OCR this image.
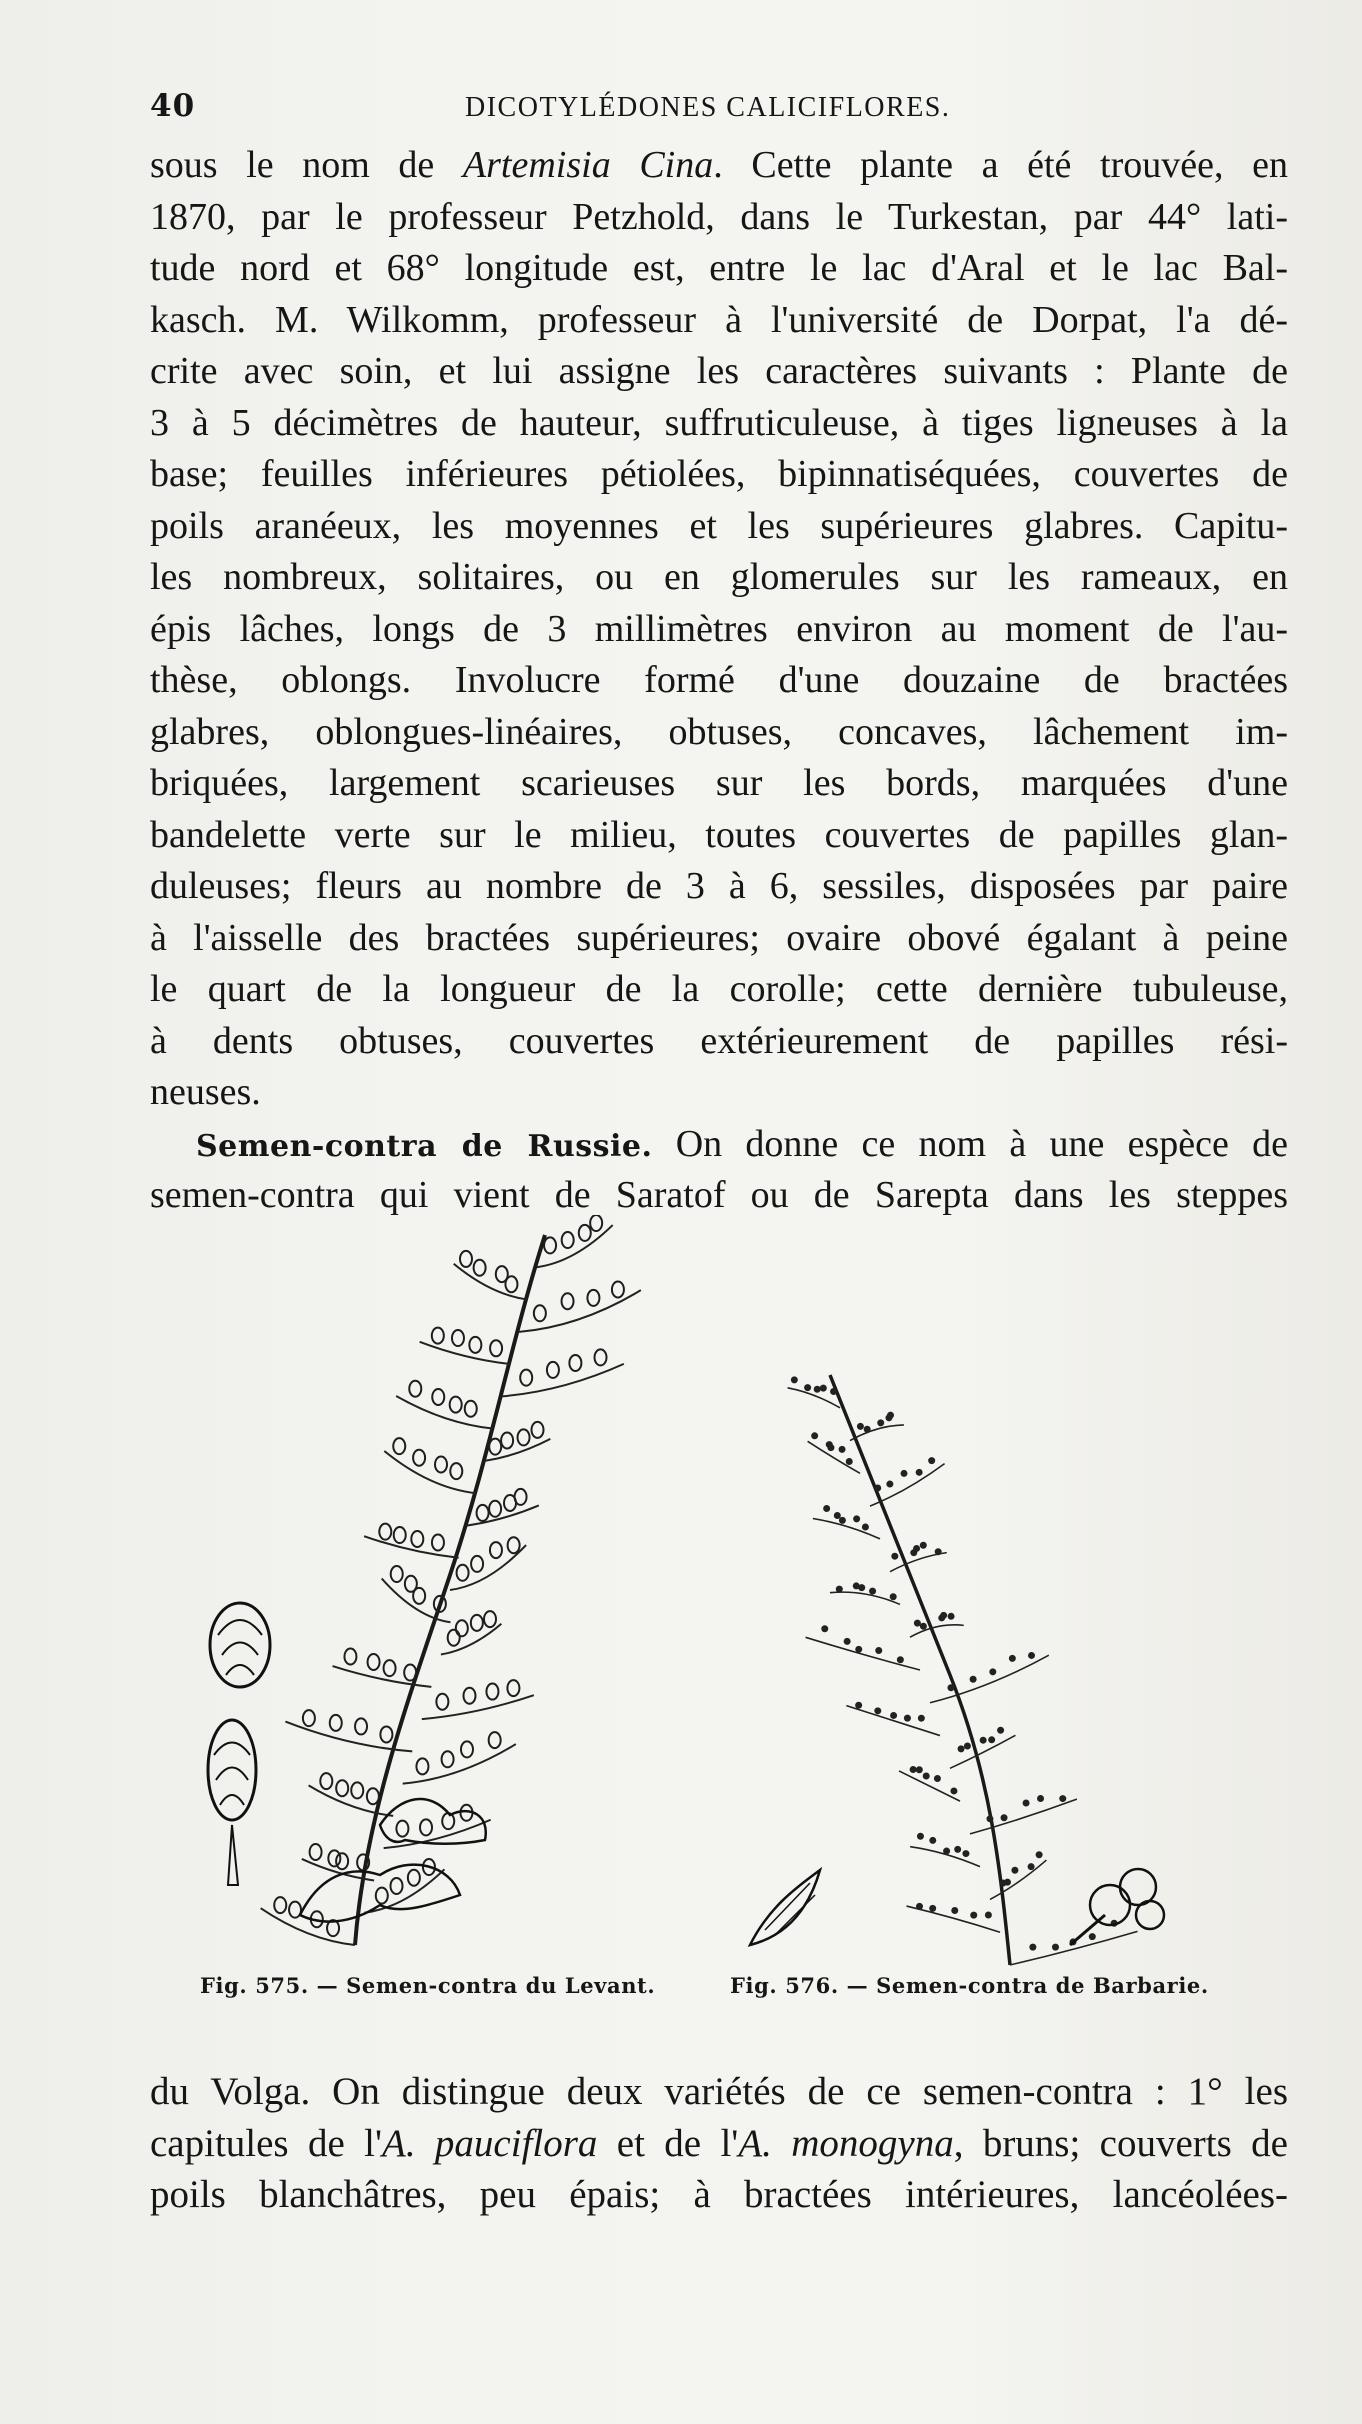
40	DICOTYLÉDONES CALICIFLORES.
sous le nom de Artemisia Cina. Cette plante a été trouvée, en
1870, par le professeur Petzhold, dans le Turkestan, par 44° lati-
tude nord et 68° longitude est, entre le lac d'Aral et le lac Bal-
kasch. M. Wilkomm, professeur à l'université de Dorpat, l'a dé-
crite avec soin, et lui assigne les caractères suivants : Plante de
3 à 5 décimètres de hauteur, suffruticuleuse, à tiges ligneuses à la
base; feuilles inférieures pétiolées, bipinnatiséquées, couvertes de
poils aranéeux, les moyennes et les supérieures glabres. Capitu-
les nombreux, solitaires, ou en glomerules sur les rameaux, en
épis lâches, longs de 3 millimètres environ au moment de l'au-
thèse, oblongs. Involucre formé d'une douzaine de bractées
glabres, oblongues-linéaires, obtuses, concaves, lâchement im-
briquées, largement scarieuses sur les bords, marquées d'une
bandelette verte sur le milieu, toutes couvertes de papilles glan-
duleuses; fleurs au nombre de 3 à 6, sessiles, disposées par paire
à l'aisselle des bractées supérieures; ovaire obové égalant à peine
le quart de la longueur de la corolle; cette dernière tubuleuse,
à dents obtuses, couvertes extérieurement de papilles rési-
neuses.
Semen-contra de Russie. On donne ce nom à une espèce de
semen-contra qui vient de Saratof ou de Sarepta dans les steppes
Fig. 575. — Semen-contra du Levant.	Fig. 576. — Semen-contra de Barbarie.
du Volga. On distingue deux variétés de ce semen-contra : 1° les
capitules de l'A. pauciflora et de l'A. monogyna, bruns; couverts de
poils blanchâtres, peu épais; à bractées intérieures, lancéolées-
